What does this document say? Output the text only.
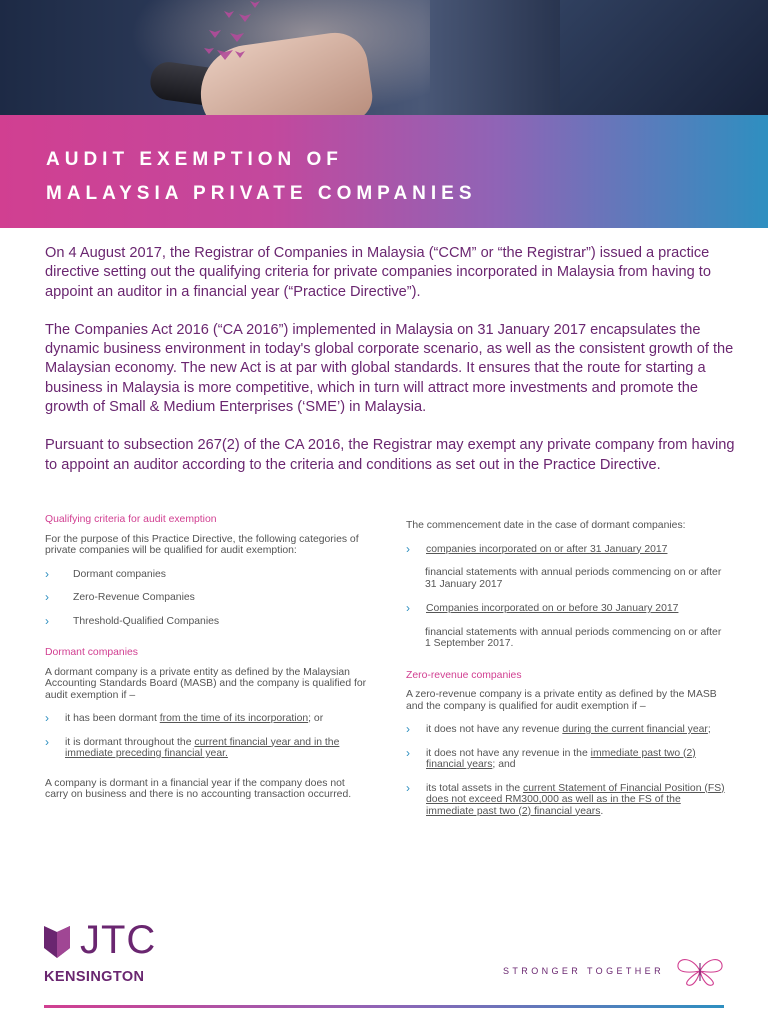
AUDIT EXEMPTION OF
MALAYSIA PRIVATE COMPANIES

On 4 August 2017, the Registrar of Companies in Malaysia (“CCM” or “the Registrar”) issued a practice directive setting out the qualifying criteria for private companies incorporated in Malaysia from having to appoint an auditor in a financial year (“Practice Directive”).

The Companies Act 2016 (“CA 2016”) implemented in Malaysia on 31 January 2017 encapsulates the dynamic business environment in today's global corporate scenario, as well as the consistent growth of the Malaysian economy. The new Act is at par with global standards. It ensures that the route for starting a business in Malaysia is more competitive, which in turn will attract more investments and promote the growth of Small & Medium Enterprises (‘SME’) in Malaysia.

Pursuant to subsection 267(2) of the CA 2016, the Registrar may exempt any private company from having to appoint an auditor according to the criteria and conditions as set out in the Practice Directive.

Qualifying criteria for audit exemption
For the purpose of this Practice Directive, the following categories of private companies will be qualified for audit exemption:
›	Dormant companies
›	Zero-Revenue Companies
›	Threshold-Qualified Companies
Dormant companies
A dormant company is a private entity as defined by the Malaysian Accounting Standards Board (MASB) and the company is qualified for audit exemption if –
›	it has been dormant from the time of its incorporation; or
›	it is dormant throughout the current financial year and in the immediate preceding financial year.
A company is dormant in a financial year if the company does not carry on business and there is no accounting transaction occurred.
The commencement date in the case of dormant companies:
›	companies incorporated on or after 31 January 2017
financial statements with annual periods commencing on or after 31 January 2017
›	Companies incorporated on or before 30 January 2017
financial statements with annual periods commencing on or after 1 September 2017.
Zero-revenue companies
A zero-revenue company is a private entity as defined by the MASB and the company is qualified for audit exemption if –
›	it does not have any revenue during the current financial year;
›	it does not have any revenue in the immediate past two (2) financial years; and
›	its total assets in the current Statement of Financial Position (FS) does not exceed RM300,000 as well as in the FS of the immediate past two (2) financial years.
JTC
KENSINGTON	STRONGER TOGETHER
